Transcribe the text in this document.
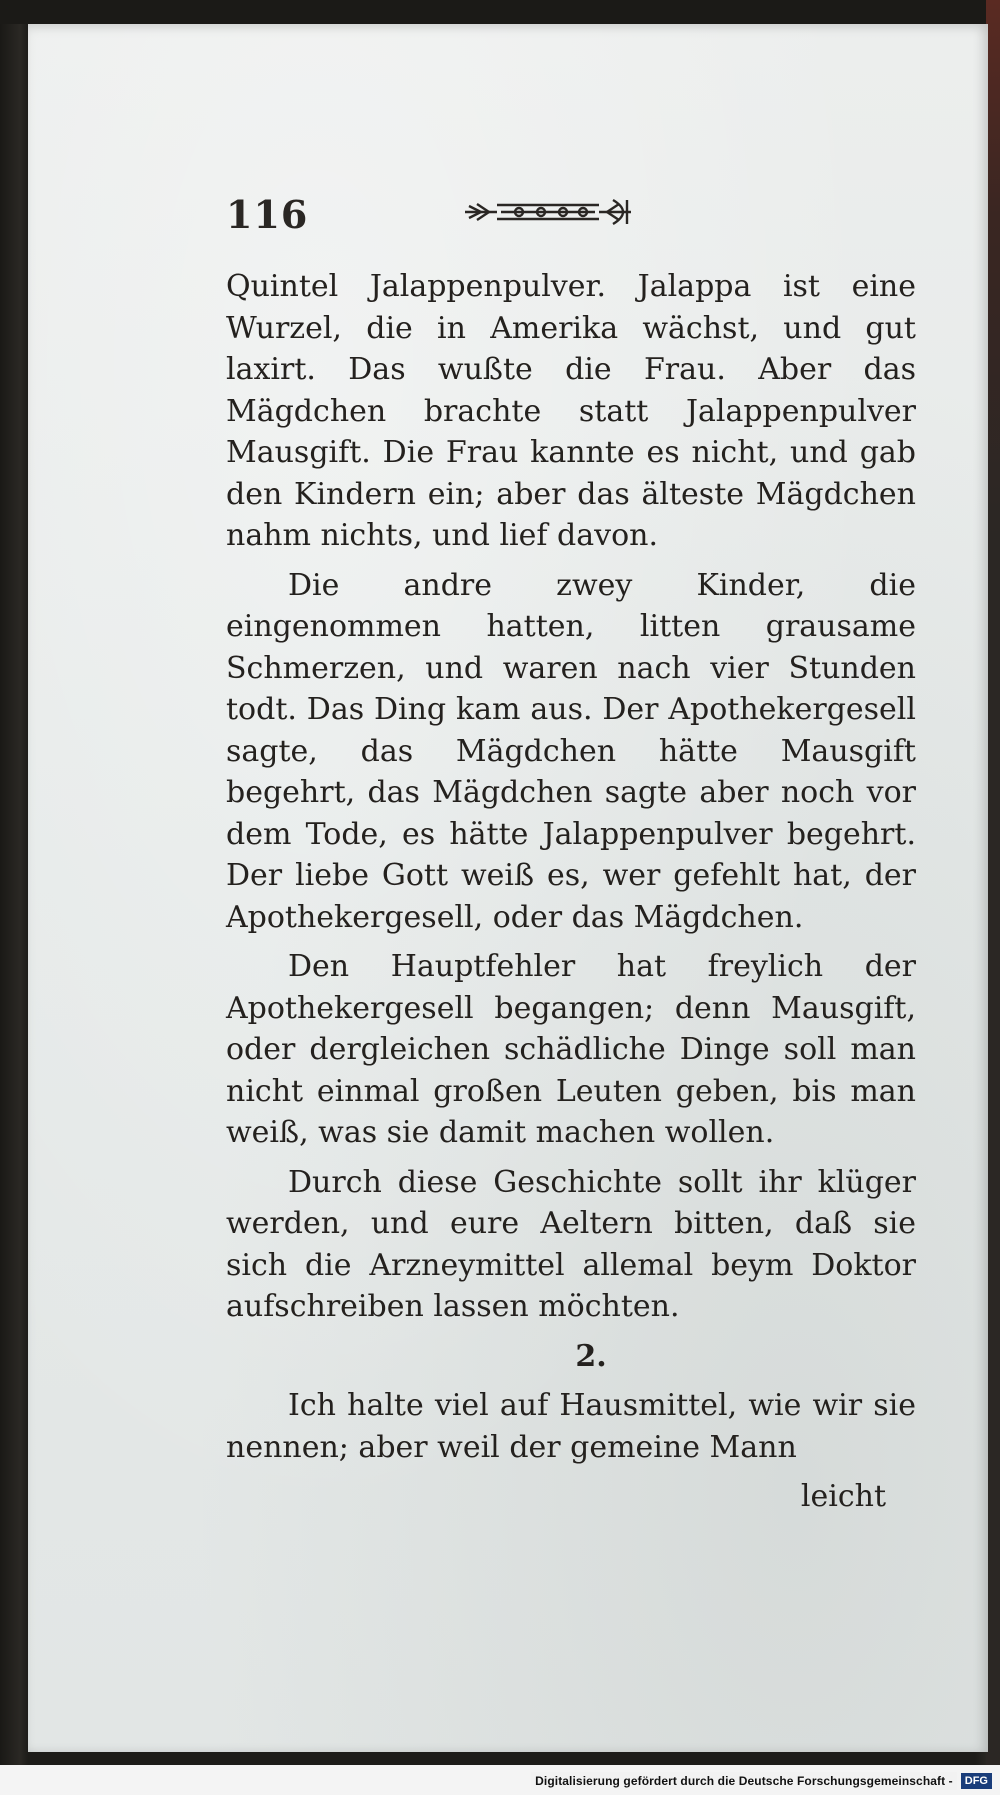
116

Quintel Jalappenpulver. Jalappa ist eine Wurzel, die in Amerika wächst, und gut laxirt. Das wußte die Frau. Aber das Mägdchen brachte statt Jalappenpulver Mausgift. Die Frau kannte es nicht, und gab den Kindern ein; aber das älteste Mägdchen nahm nichts, und lief davon.

Die andre zwey Kinder, die eingenommen hatten, litten grausame Schmerzen, und waren nach vier Stunden todt. Das Ding kam aus. Der Apothekergesell sagte, das Mägdchen hätte Mausgift begehrt, das Mägdchen sagte aber noch vor dem Tode, es hätte Jalappenpulver begehrt. Der liebe Gott weiß es, wer gefehlt hat, der Apothekergesell, oder das Mägdchen.

Den Hauptfehler hat freylich der Apothekergesell begangen; denn Mausgift, oder dergleichen schädliche Dinge soll man nicht einmal großen Leuten geben, bis man weiß, was sie damit machen wollen.

Durch diese Geschichte sollt ihr klüger werden, und eure Aeltern bitten, daß sie sich die Arzneymittel allemal beym Doktor aufschreiben lassen möchten.

2.

Ich halte viel auf Hausmittel, wie wir sie nennen; aber weil der gemeine Mann

leicht

Digitalisierung gefördert durch die Deutsche Forschungsgemeinschaft -	DFG
